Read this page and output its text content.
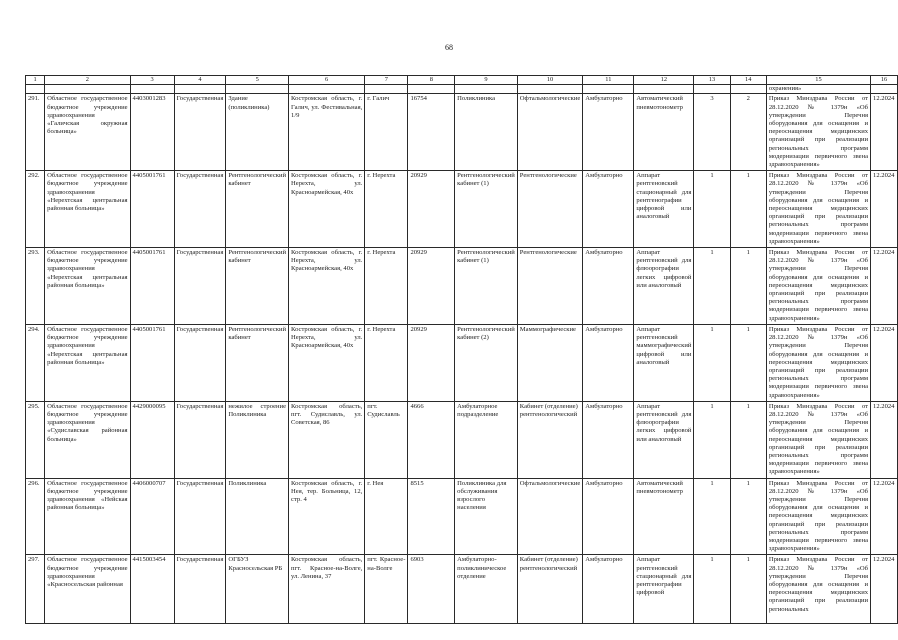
68
1	2	3	4	5	6	7	8	9	10	11	12	13	14	15	16
														охранения»	
291.	Областное государственное бюджетное учреждение здравоохранения «Галичская окружная больница»	4403001283	Государственная	Здание (поликлиника)	Костромская область, г. Галич, ул. Фестивальная, 1/9	г. Галич	16754	Поликлиника	Офтальмологические	Амбулаторно	Автоматический пневмотонометр	3	2	Приказ Минздрава России от 28.12.2020 № 1379н «Об утверждении Перечня оборудования для оснащения и переоснащения медицинских организаций при реализации региональных программ модернизации первичного звена здравоохранения»	12.2024
292.	Областное государственное бюджетное учреждение здравоохранения «Нерехтская центральная районная больница»	4405001761	Государственная	Рентгенологический кабинет	Костромская область, г. Нерехта, ул. Красноармейская, 40х	г. Нерехта	20929	Рентгенологический кабинет (1)	Рентгенологические	Амбулаторно	Аппарат рентгеновский стационарный для рентгенографии цифровой или аналоговый	1	1	Приказ Минздрава России от 28.12.2020 № 1379н «Об утверждении Перечня оборудования для оснащения и переоснащения медицинских организаций при реализации региональных программ модернизации первичного звена здравоохранения»	12.2024
293.	Областное государственное бюджетное учреждение здравоохранения «Нерехтская центральная районная больница»	4405001761	Государственная	Рентгенологический кабинет	Костромская область, г. Нерехта, ул. Красноармейская, 40х	г. Нерехта	20929	Рентгенологический кабинет (1)	Рентгенологические	Амбулаторно	Аппарат рентгеновский для флюорографии легких цифровой или аналоговый	1	1	Приказ Минздрава России от 28.12.2020 № 1379н «Об утверждении Перечня оборудования для оснащения и переоснащения медицинских организаций при реализации региональных программ модернизации первичного звена здравоохранения»	12.2024
294.	Областное государственное бюджетное учреждение здравоохранения «Нерехтская центральная районная больница»	4405001761	Государственная	Рентгенологический кабинет	Костромская область, г. Нерехта, ул. Красноармейская, 40х	г. Нерехта	20929	Рентгенологический кабинет (2)	Маммографические	Амбулаторно	Аппарат рентгеновский маммографический цифровой или аналоговый	1	1	Приказ Минздрава России от 28.12.2020 № 1379н «Об утверждении Перечня оборудования для оснащения и переоснащения медицинских организаций при реализации региональных программ модернизации первичного звена здравоохранения»	12.2024
295.	Областное государственное бюджетное учреждение здравоохранения «Судиславская районная больница»	4429000095	Государственная	нежилое строение Поликлиника	Костромская область, пгт. Судиславль, ул. Советская, 86	пгт. Судиславль	4666	Амбулаторное подразделение	Кабинет (отделение) рентгенологический	Амбулаторно	Аппарат рентгеновский для флюорографии легких цифровой или аналоговый	1	1	Приказ Минздрава России от 28.12.2020 № 1379н «Об утверждении Перечня оборудования для оснащения и переоснащения медицинских организаций при реализации региональных программ модернизации первичного звена здравоохранения»	12.2024
296.	Областное государственное бюджетное учреждение здравоохранения «Нейская районная больница»	4406000707	Государственная	Поликлиника	Костромская область, г. Нея, тер. Больница, 12, стр. 4	г. Нея	8515	Поликлиника для обслуживания взрослого населения	Офтальмологические	Амбулаторно	Автоматический пневмотонометр	1	1	Приказ Минздрава России от 28.12.2020 № 1379н «Об утверждении Перечня оборудования для оснащения и переоснащения медицинских организаций при реализации региональных программ модернизации первичного звена здравоохранения»	12.2024
297.	Областное государственное бюджетное учреждение здравоохранения «Красносельская районная	4415003454	Государственная	ОГБУЗ Красносельская РБ	Костромская область, пгт. Красное-на-Волге, ул. Ленина, 37	пгт. Красное-на-Волге	6903	Амбулаторно-поликлиническое отделение	Кабинет (отделение) рентгенологический	Амбулаторно	Аппарат рентгеновский стационарный для рентгенографии цифровой	1	1	Приказ Минздрава России от 28.12.2020 № 1379н «Об утверждении Перечня оборудования для оснащения и переоснащения медицинских организаций при реализации региональных	12.2024
